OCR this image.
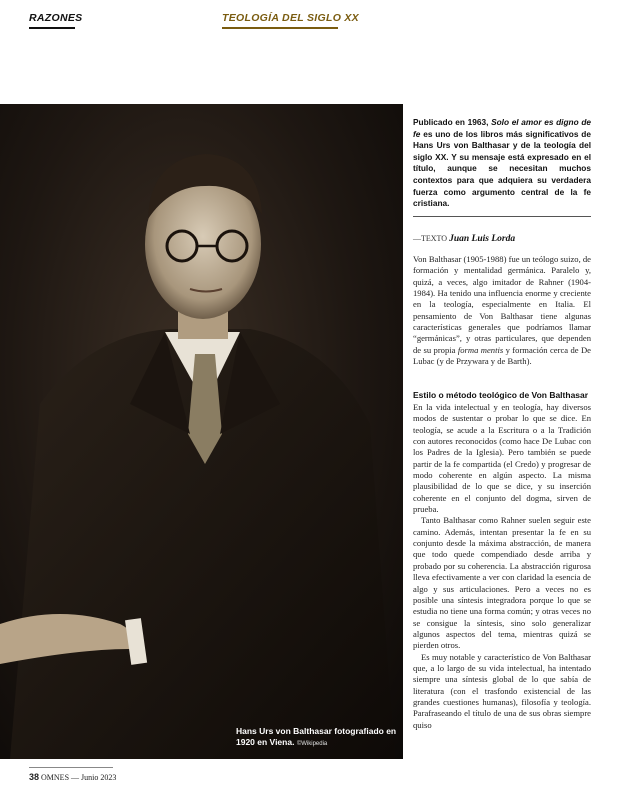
RAZONES	TEOLOGÍA DEL SIGLO XX
Hans Urs von Balthasar fotografiado en 1920 en Viena. ©Wikipedia
Publicado en 1963, Solo el amor es digno de fe es uno de los libros más significativos de Hans Urs von Balthasar y de la teología del siglo XX. Y su mensaje está expresado en el título, aunque se necesitan muchos contextos para que adquiera su verdadera fuerza como argumento central de la fe cristiana.
—TEXTO Juan Luis Lorda

Von Balthasar (1905-1988) fue un teólogo suizo, de formación y mentalidad germánica. Paralelo y, quizá, a veces, algo imitador de Rahner (1904-1984). Ha tenido una influencia enorme y creciente en la teología, especialmente en Italia. El pensamiento de Von Balthasar tiene algunas características generales que podríamos llamar “germánicas”, y otras particulares, que dependen de su propia forma mentis y formación cerca de De Lubac (y de Przywara y de Barth).

Estilo o método teológico de Von Balthasar

En la vida intelectual y en teología, hay diversos modos de sustentar o probar lo que se dice. En teología, se acude a la Escritura o a la Tradición con autores reconocidos (como hace De Lubac con los Padres de la Iglesia). Pero también se puede partir de la fe compartida (el Credo) y progresar de modo coherente en algún aspecto. La misma plausibilidad de lo que se dice, y su inserción coherente en el conjunto del dogma, sirven de prueba.

Tanto Balthasar como Rahner suelen seguir este camino. Además, intentan presentar la fe en su conjunto desde la máxima abstracción, de manera que todo quede compendiado desde arriba y probado por su coherencia. La abstracción rigurosa lleva efectivamente a ver con claridad la esencia de algo y sus articulaciones. Pero a veces no es posible una síntesis integradora porque lo que se estudia no tiene una forma común; y otras veces no se consigue la síntesis, sino solo generalizar algunos aspectos del tema, mientras quizá se pierden otros.

Es muy notable y característico de Von Balthasar que, a lo largo de su vida intelectual, ha intentado siempre una síntesis global de lo que sabía de literatura (con el trasfondo existencial de las grandes cuestiones humanas), filosofía y teología. Parafraseando el título de una de sus obras siempre quiso

38 OMNES — Junio 2023
